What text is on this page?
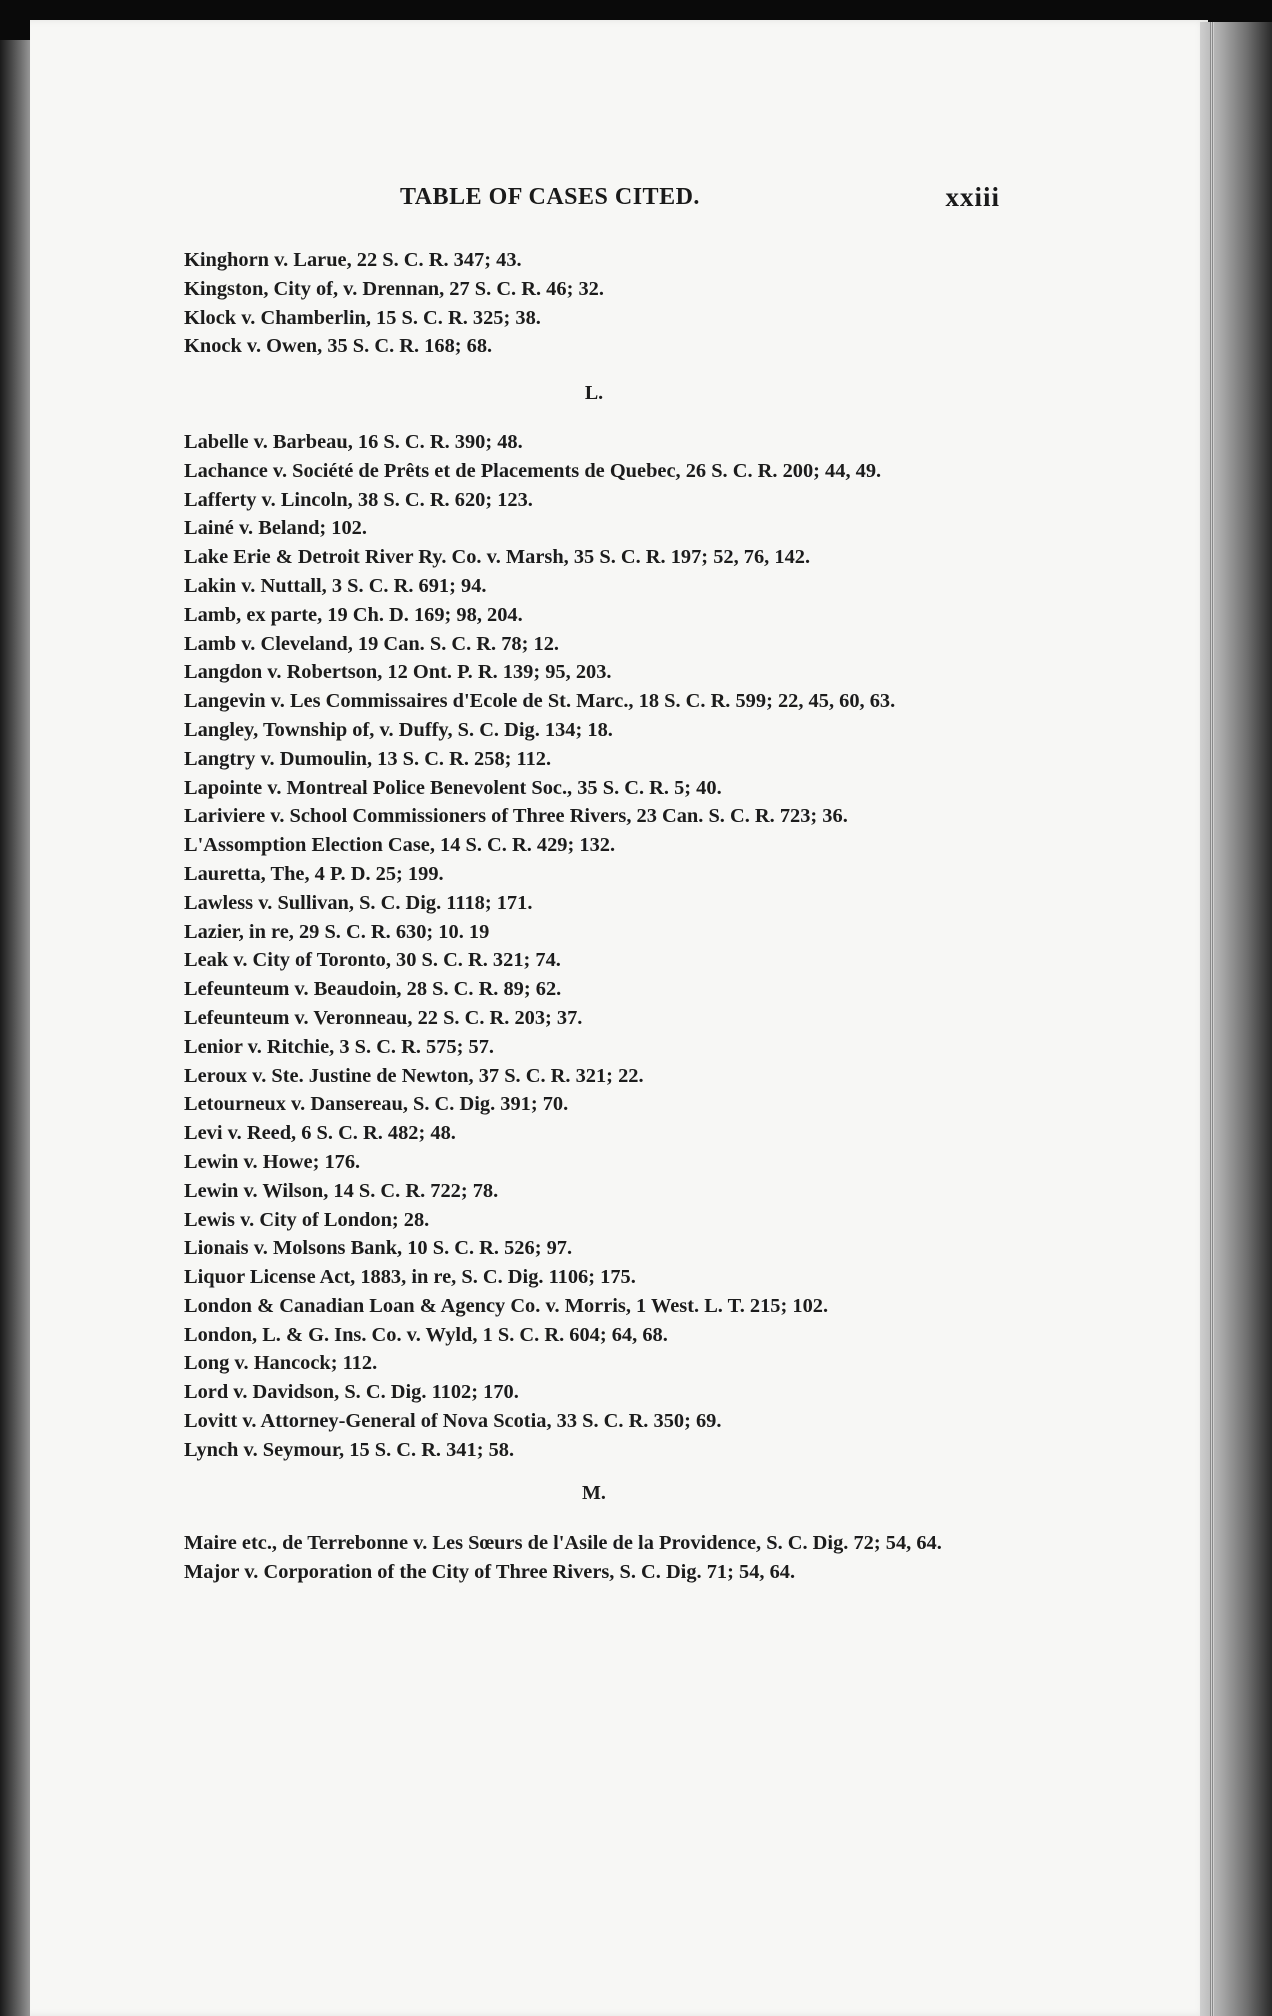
TABLE OF CASES CITED.	xxiii

Kinghorn v. Larue, 22 S. C. R. 347; 43.

Kingston, City of, v. Drennan, 27 S. C. R. 46; 32.

Klock v. Chamberlin, 15 S. C. R. 325; 38.

Knock v. Owen, 35 S. C. R. 168; 68.

L.

Labelle v. Barbeau, 16 S. C. R. 390; 48.

Lachance v. Société de Prêts et de Placements de Quebec, 26 S. C. R. 200; 44, 49.

Lafferty v. Lincoln, 38 S. C. R. 620; 123.

Lainé v. Beland; 102.

Lake Erie & Detroit River Ry. Co. v. Marsh, 35 S. C. R. 197; 52, 76, 142.

Lakin v. Nuttall, 3 S. C. R. 691; 94.

Lamb, ex parte, 19 Ch. D. 169; 98, 204.

Lamb v. Cleveland, 19 Can. S. C. R. 78; 12.

Langdon v. Robertson, 12 Ont. P. R. 139; 95, 203.

Langevin v. Les Commissaires d'Ecole de St. Marc., 18 S. C. R. 599; 22, 45, 60, 63.

Langley, Township of, v. Duffy, S. C. Dig. 134; 18.

Langtry v. Dumoulin, 13 S. C. R. 258; 112.

Lapointe v. Montreal Police Benevolent Soc., 35 S. C. R. 5; 40.

Lariviere v. School Commissioners of Three Rivers, 23 Can. S. C. R. 723; 36.

L'Assomption Election Case, 14 S. C. R. 429; 132.

Lauretta, The, 4 P. D. 25; 199.

Lawless v. Sullivan, S. C. Dig. 1118; 171.

Lazier, in re, 29 S. C. R. 630; 10. 19

Leak v. City of Toronto, 30 S. C. R. 321; 74.

Lefeunteum v. Beaudoin, 28 S. C. R. 89; 62.

Lefeunteum v. Veronneau, 22 S. C. R. 203; 37.

Lenior v. Ritchie, 3 S. C. R. 575; 57.

Leroux v. Ste. Justine de Newton, 37 S. C. R. 321; 22.

Letourneux v. Dansereau, S. C. Dig. 391; 70.

Levi v. Reed, 6 S. C. R. 482; 48.

Lewin v. Howe; 176.

Lewin v. Wilson, 14 S. C. R. 722; 78.

Lewis v. City of London; 28.

Lionais v. Molsons Bank, 10 S. C. R. 526; 97.

Liquor License Act, 1883, in re, S. C. Dig. 1106; 175.

London & Canadian Loan & Agency Co. v. Morris, 1 West. L. T. 215; 102.

London, L. & G. Ins. Co. v. Wyld, 1 S. C. R. 604; 64, 68.

Long v. Hancock; 112.

Lord v. Davidson, S. C. Dig. 1102; 170.

Lovitt v. Attorney-General of Nova Scotia, 33 S. C. R. 350; 69.

Lynch v. Seymour, 15 S. C. R. 341; 58.

M.

Maire etc., de Terrebonne v. Les Sœurs de l'Asile de la Providence, S. C. Dig. 72; 54, 64.

Major v. Corporation of the City of Three Rivers, S. C. Dig. 71; 54, 64.
